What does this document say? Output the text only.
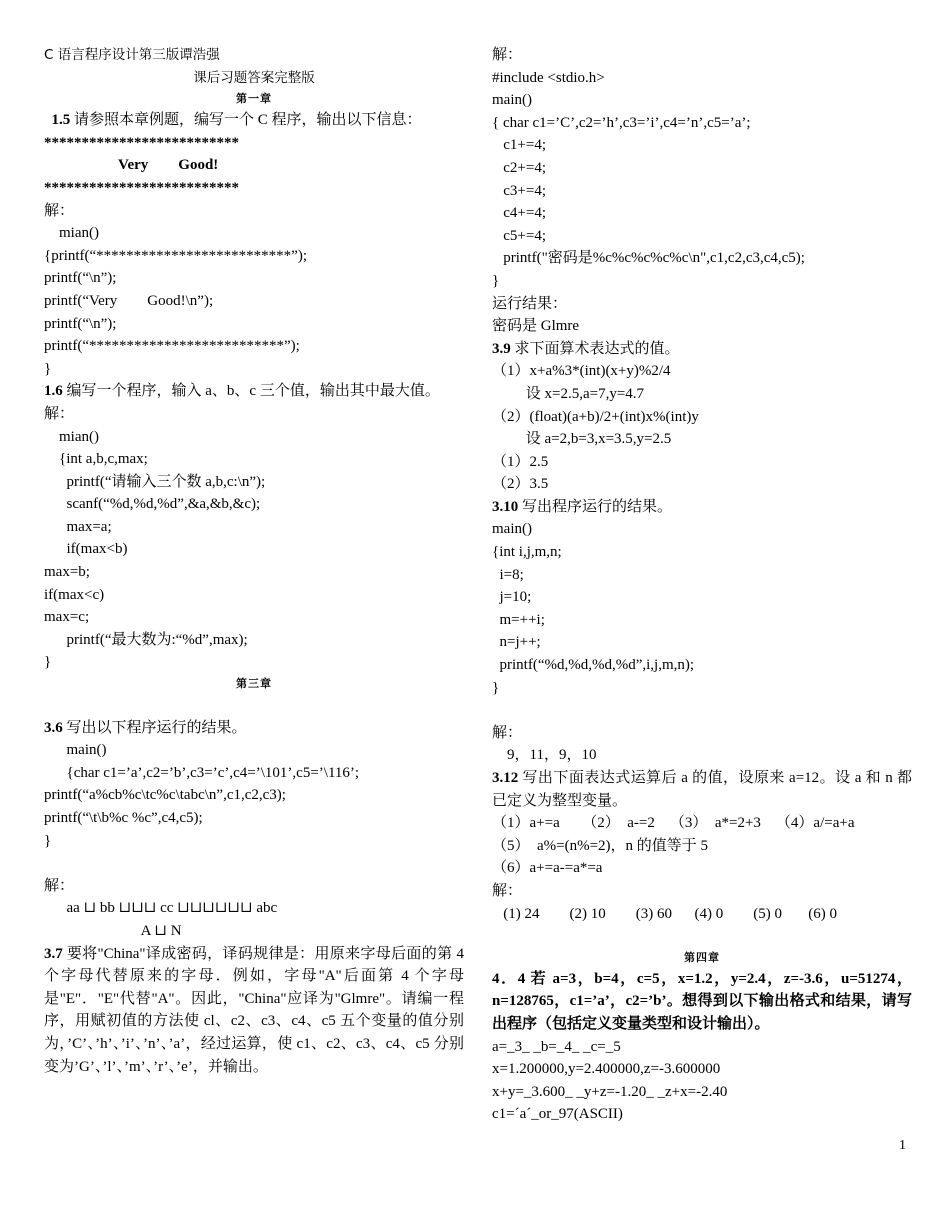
C 语言程序设计第三版谭浩强
课后习题答案完整版
第一章
1.5 请参照本章例题，编写一个 C 程序，输出以下信息：
**************************
Very        Good!
**************************
解：
mian()
{printf(“**************************”);
printf(“\n”);
printf(“Very        Good!\n”);
printf(“\n”);
printf(“**************************”);
}
1.6 编写一个程序，输入 a、b、c 三个值，输出其中最大值。
解：
mian()
{int a,b,c,max;
printf(“请输入三个数 a,b,c:\n”);
scanf(“%d,%d,%d”,&a,&b,&c);
max=a;
if(max<b)
max=b;
if(max<c)
max=c;
printf(“最大数为:“%d”,max);
}
第三章
3.6 写出以下程序运行的结果。
main()
{char c1=’a’,c2=’b’,c3=’c’,c4=’\101’,c5=’\116’;
printf(“a%cb%c\tc%c\tabc\n”,c1,c2,c3);
printf(“\t\b%c %c”,c4,c5);
}
解：
aa ⊔ bb ⊔⊔⊔ cc ⊔⊔⊔⊔⊔⊔ abc
A ⊔ N
3.7 要将"China"译成密码，译码规律是：用原来字母后面的第 4 个字母代替原来的字母．例如，字母"A"后面第 4 个字母是"E"．"E"代替"A"。因此，"China"应译为"Glmre"。请编一程序，用赋初值的方法使 cl、c2、c3、c4、c5 五个变量的值分别为，’C’、’h’、’i’、’n’、’a’，经过运算，使 c1、c2、c3、c4、c5 分别变为’G’、’l’、’m’、’r’、’e’，并输出。
解：
#include <stdio.h>
main()
{ char c1=’C’,c2=’h’,c3=’i’,c4=’n’,c5=’a’;
c1+=4;
c2+=4;
c3+=4;
c4+=4;
c5+=4;
printf("密码是%c%c%c%c%c\n",c1,c2,c3,c4,c5);
}
运行结果：
密码是 Glmre
3.9 求下面算术表达式的值。
（1）x+a%3*(int)(x+y)%2/4
设 x=2.5,a=7,y=4.7
（2）(float)(a+b)/2+(int)x%(int)y
设 a=2,b=3,x=3.5,y=2.5
（1）2.5
（2）3.5
3.10 写出程序运行的结果。
main()
{int i,j,m,n;
i=8;
j=10;
m=++i;
n=j++;
printf(“%d,%d,%d,%d”,i,j,m,n);
}
解：
9，11，9，10
3.12 写出下面表达式运算后 a 的值，设原来 a=12。设 a 和 n 都已定义为整型变量。
（1）a+=a      （2）  a-=2    （3）  a*=2+3    （4）a/=a+a
（5）  a%=(n%=2)，n 的值等于 5
（6）a+=a-=a*=a
解：
(1) 24        (2) 10        (3) 60      (4) 0        (5) 0       (6) 0
第四章
4．4 若 a=3，b=4，c=5，x=1.2，y=2.4，z=-3.6，u=51274，n=128765，c1=’a’，c2=’b’。想得到以下输出格式和结果，请写出程序（包括定义变量类型和设计输出）。
a=_3_ _b=_4_ _c=_5
x=1.200000,y=2.400000,z=-3.600000
x+y=_3.600_ _y+z=-1.20_ _z+x=-2.40
c1=ˊaˊ_or_97(ASCII)
1
